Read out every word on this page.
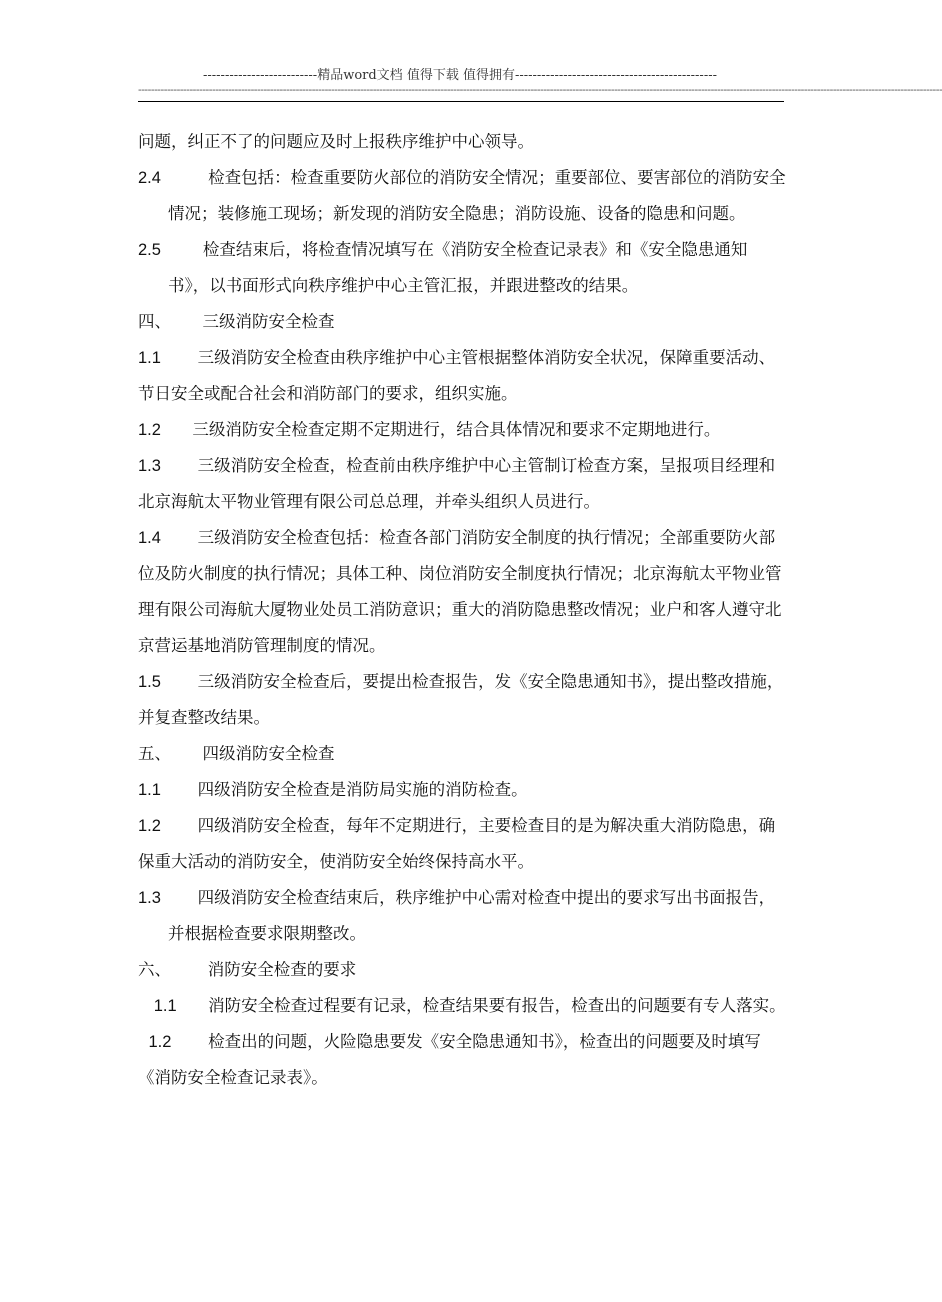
--------------------------精品word文档 值得下载 值得拥有----------------------------------------------
----------------------------------------------------------------------------------------------------------------------------------------------------------------------------------------------------------------------------------------------------------

问题，纠正不了的问题应及时上报秩序维护中心领导。

2.4	检查包括：检查重要防火部位的消防安全情况；重要部位、要害部位的消防安全情况；装修施工现场；新发现的消防安全隐患；消防设施、设备的隐患和问题。

2.5	检查结束后，将检查情况填写在《消防安全检查记录表》和《安全隐患通知书》，以书面形式向秩序维护中心主管汇报，并跟进整改的结果。

四、 三级消防安全检查

1.1 三级消防安全检查由秩序维护中心主管根据整体消防安全状况，保障重要活动、节日安全或配合社会和消防部门的要求，组织实施。

1.2 三级消防安全检查定期不定期进行，结合具体情况和要求不定期地进行。

1.3 三级消防安全检查，检查前由秩序维护中心主管制订检查方案，呈报项目经理和北京海航太平物业管理有限公司总总理，并牵头组织人员进行。

1.4 三级消防安全检查包括：检查各部门消防安全制度的执行情况；全部重要防火部位及防火制度的执行情况；具体工种、岗位消防安全制度执行情况；北京海航太平物业管理有限公司海航大厦物业处员工消防意识；重大的消防隐患整改情况；业户和客人遵守北京营运基地消防管理制度的情况。

1.5 三级消防安全检查后，要提出检查报告，发《安全隐患通知书》，提出整改措施，并复查整改结果。

五、 四级消防安全检查

1.1 四级消防安全检查是消防局实施的消防检查。

1.2 四级消防安全检查，每年不定期进行，主要检查目的是为解决重大消防隐患，确保重大活动的消防安全，使消防安全始终保持高水平。

1.3 四级消防安全检查结束后，秩序维护中心需对检查中提出的要求写出书面报告，并根据检查要求限期整改。

六、 消防安全检查的要求

1.1 消防安全检查过程要有记录，检查结果要有报告，检查出的问题要有专人落实。

1.2 检查出的问题，火险隐患要发《安全隐患通知书》，检查出的问题要及时填写《消防安全检查记录表》。
